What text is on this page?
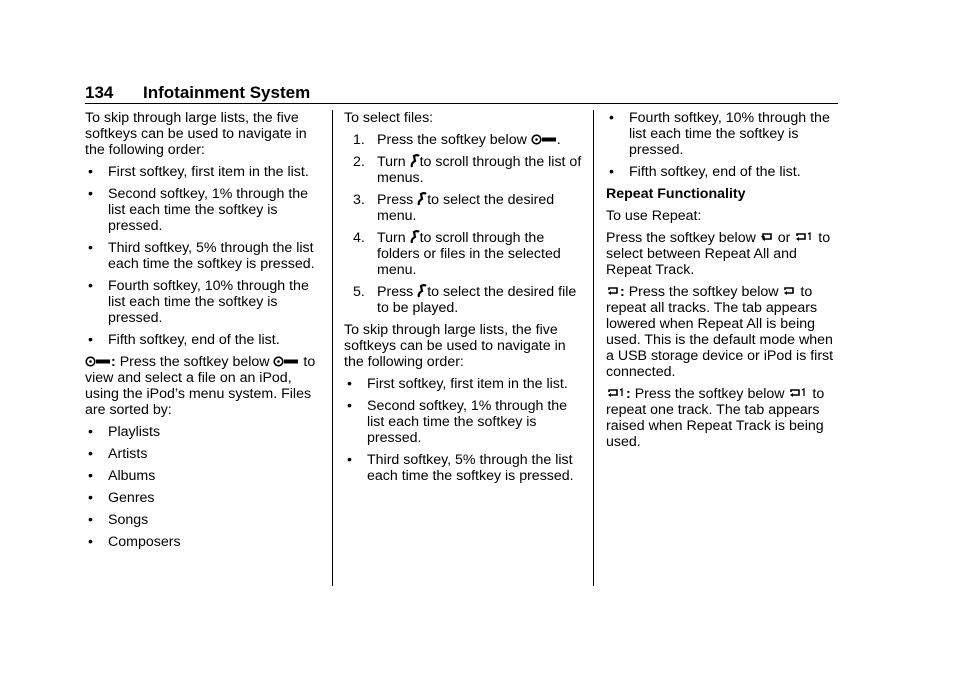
134 Infotainment System

To skip through large lists, the five softkeys can be used to navigate in the following order:

• First softkey, first item in the list.
• Second softkey, 1% through the list each time the softkey is pressed.
• Third softkey, 5% through the list each time the softkey is pressed.
• Fourth softkey, 10% through the list each time the softkey is pressed.
• Fifth softkey, end of the list.

: Press the softkey below to view and select a file on an iPod, using the iPod’s menu system. Files are sorted by:

• Playlists
• Artists
• Albums
• Genres
• Songs
• Composers

To select files:

1. Press the softkey below .
2. Turn to scroll through the list of menus.
3. Press to select the desired menu.
4. Turn to scroll through the folders or files in the selected menu.
5. Press to select the desired file to be played.

To skip through large lists, the five softkeys can be used to navigate in the following order:

• First softkey, first item in the list.
• Second softkey, 1% through the list each time the softkey is pressed.
• Third softkey, 5% through the list each time the softkey is pressed.
• Fourth softkey, 10% through the list each time the softkey is pressed.
• Fifth softkey, end of the list.

Repeat Functionality

To use Repeat:

Press the softkey below or to select between Repeat All and Repeat Track.

: Press the softkey below to repeat all tracks. The tab appears lowered when Repeat All is being used. This is the default mode when a USB storage device or iPod is first connected.

: Press the softkey below to repeat one track. The tab appears raised when Repeat Track is being used.
